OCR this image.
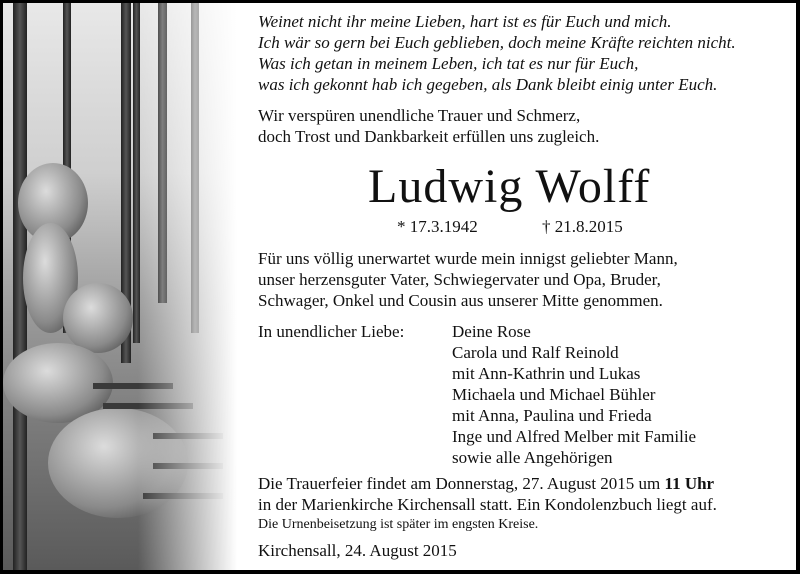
Weinet nicht ihr meine Lieben, hart ist es für Euch und mich.
Ich wär so gern bei Euch geblieben, doch meine Kräfte reichten nicht.
Was ich getan in meinem Leben, ich tat es nur für Euch,
was ich gekonnt hab ich gegeben, als Dank bleibt einig unter Euch.
Wir verspüren unendliche Trauer und Schmerz,
doch Trost und Dankbarkeit erfüllen uns zugleich.
Ludwig Wolff
* 17.3.1942	† 21.8.2015
Für uns völlig unerwartet wurde mein innigst geliebter Mann,
unser herzensguter Vater, Schwiegervater und Opa, Bruder,
Schwager, Onkel und Cousin aus unserer Mitte genommen.
In unendlicher Liebe:	Deine Rose
Carola und Ralf Reinold
mit Ann-Kathrin und Lukas
Michaela und Michael Bühler
mit Anna, Paulina und Frieda
Inge und Alfred Melber mit Familie
sowie alle Angehörigen
Die Trauerfeier findet am Donnerstag, 27. August 2015 um 11 Uhr
in der Marienkirche Kirchensall statt. Ein Kondolenzbuch liegt auf.
Die Urnenbeisetzung ist später im engsten Kreise.
Kirchensall, 24. August 2015
